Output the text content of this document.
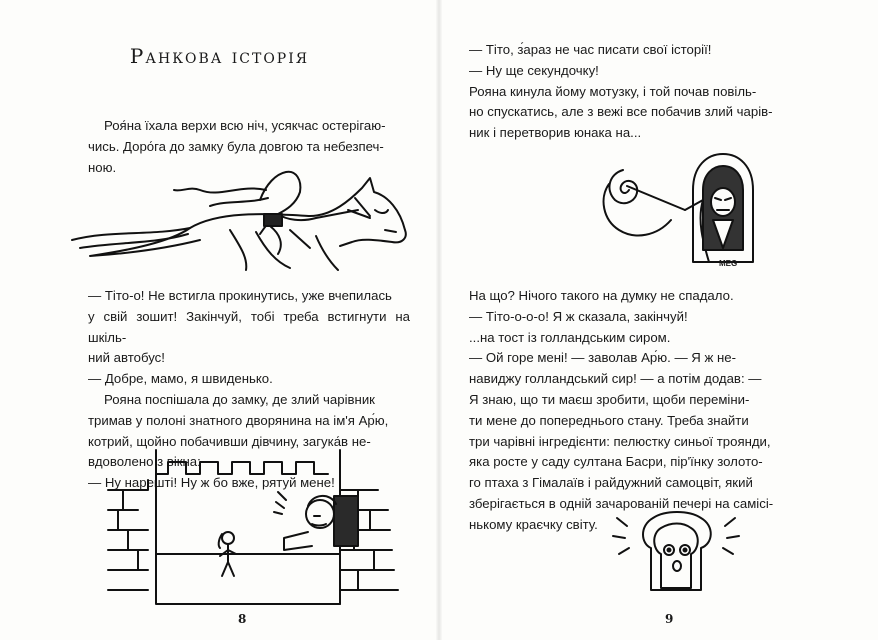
Ранкова історія

Роя́на їхала верхи всю ніч, усякчас остерігаю-

чись. Доро́га до замку була довгою та небезпеч-

ною.

— Тіто-о! Не встигла прокинутись, уже вчепилась

у свій зошит! Закінчуй, тобі треба встигнути на шкіль-

ний автобус!

— Добре, мамо, я швиденько.

Рояна поспішала до замку, де злий чарівник

тримав у полоні знатного дворянина на ім'я Ар́ю,

котрий, щойно побачивши дівчину, загука́в не-

вдоволено з вікна:

— Ну нарешті! Ну ж бо вже, рятуй мене!

8

— Тіто, з́араз не час писати свої історії!

— Ну ще секундочку!

Рояна кинула йому мотузку, і той почав повіль-

но спускатись, але з вежі все побачив злий чарів-

ник і перетворив юнака на...

MEG

На що? Нічого такого на думку не спадало.

— Тіто-о-о-о! Я ж сказала, закінчуй!

...на тост із голландським сиром.

— Ой горе мені! — заволав Ар́ю. — Я ж не-

навиджу голландський сир! — а потім додав: —

Я знаю, що ти маєш зробити, щоби переміни-

ти мене до попереднього стану. Треба знайти

три чарівні інгредієнти: пелюстку синьої троянди,

яка росте у саду султана Басри, пір'їнку золото-

го птаха з Гімалаїв і райдужний самоцвіт, який

зберігається в одній зачарованій печері на самісі-

нькому краєчку світу.

9
